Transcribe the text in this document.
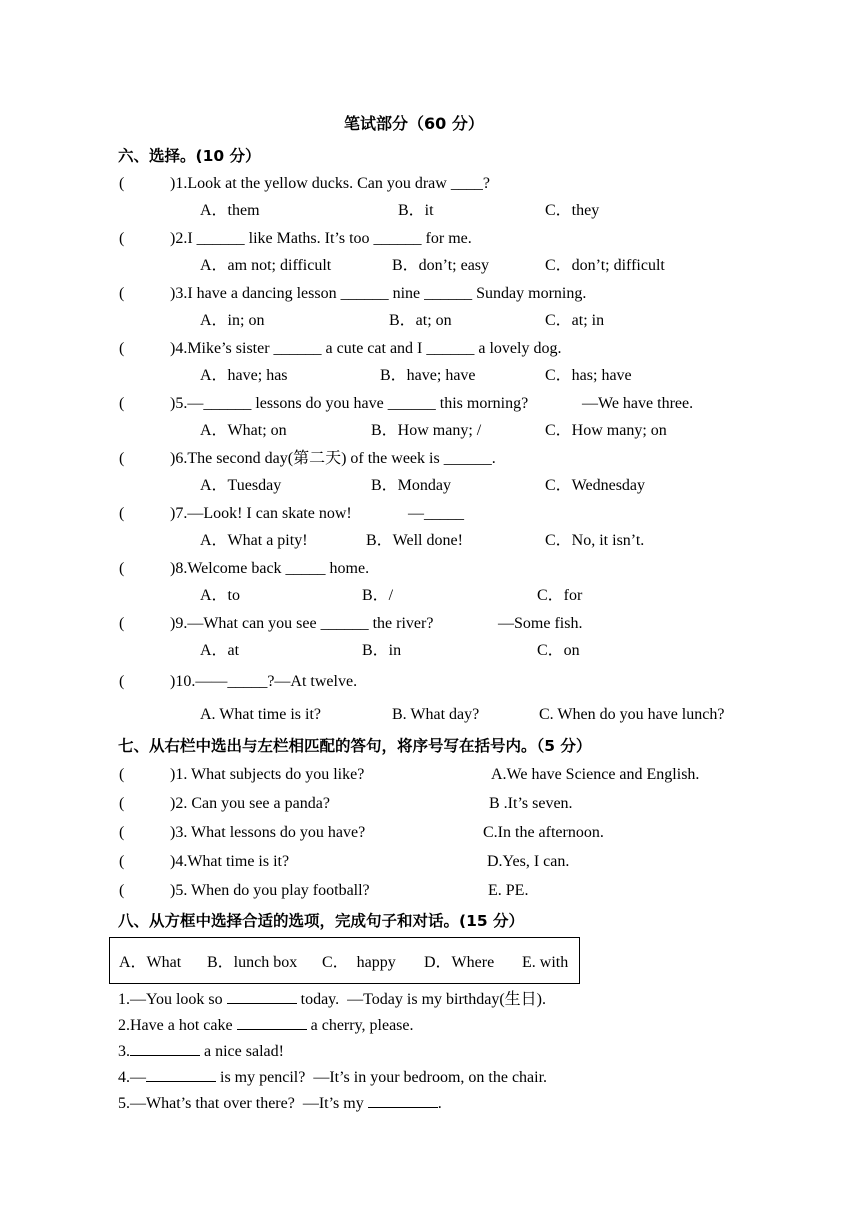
笔试部分（60 分）
六、选择。(10 分）
(	)1.Look at the yellow ducks. Can you draw ____?
A．them	B．it	C．they
(	)2.I ______ like Maths. It’s too ______ for me.
A．am not; difficult	B．don’t; easy	C．don’t; difficult
(	)3.I have a dancing lesson ______ nine ______ Sunday morning.
A．in; on	B．at; on	C．at; in
(	)4.Mike’s sister ______ a cute cat and I ______ a lovely dog.
A．have; has	B．have; have	C．has; have
(	)5.—______ lessons do you have ______ this morning?	—We have three.
A．What; on	B．How many; /	C．How many; on
(	)6.The second day(第二天) of the week is ______.
A．Tuesday	B．Monday	C．Wednesday
(	)7.—Look! I can skate now!	—_____
A．What a pity!	B．Well done!	C．No, it isn’t.
(	)8.Welcome back _____ home.
A．to	B．/	C．for
(	)9.—What can you see ______ the river?	—Some fish.
A．at	B．in	C．on
(	)10.——_____?—At twelve.
A. What time is it?	B. What day?	C. When do you have lunch?
七、从右栏中选出与左栏相匹配的答句，将序号写在括号内。（5 分）
(	)1. What subjects do you like?	A.We have Science and English.
(	)2. Can you see a panda?	B .It’s seven.
(	)3. What lessons do you have?	C.In the afternoon.
(	)4.What time is it?	D.Yes, I can.
(	)5. When do you play football?	E. PE.
八、从方框中选择合适的选项，完成句子和对话。(15 分）
A．What B．lunch box C．  happy D．Where E. with
1.—You look so	today.  —Today is my birthday(生日).
2.Have a hot cake	a cherry, please.
3.	a nice salad!
4.—	is my pencil?  —It’s in your bedroom, on the chair.
5.—What’s that over there?  —It’s my	.
